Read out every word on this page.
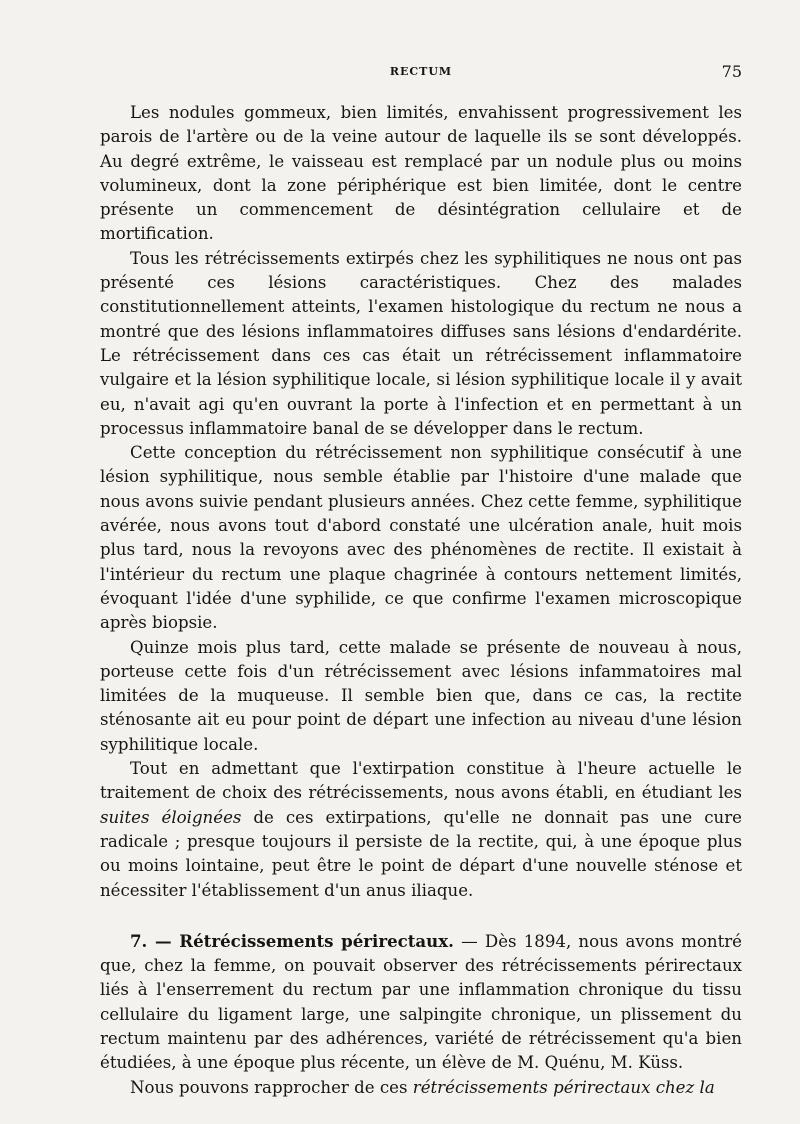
RECTUM	75

Les nodules gommeux, bien limités, envahissent progressivement les parois de l'artère ou de la veine autour de laquelle ils se sont développés. Au degré extrême, le vaisseau est remplacé par un nodule plus ou moins volumineux, dont la zone périphérique est bien limitée, dont le centre présente un commencement de désintégration cellulaire et de mortification.

Tous les rétrécissements extirpés chez les syphilitiques ne nous ont pas présenté ces lésions caractéristiques. Chez des malades constitutionnellement atteints, l'examen histologique du rectum ne nous a montré que des lésions inflammatoires diffuses sans lésions d'endardérite. Le rétrécissement dans ces cas était un rétrécissement inflammatoire vulgaire et la lésion syphilitique locale, si lésion syphilitique locale il y avait eu, n'avait agi qu'en ouvrant la porte à l'infection et en permettant à un processus inflammatoire banal de se développer dans le rectum.

Cette conception du rétrécissement non syphilitique consécutif à une lésion syphilitique, nous semble établie par l'histoire d'une malade que nous avons suivie pendant plusieurs années. Chez cette femme, syphilitique avérée, nous avons tout d'abord constaté une ulcération anale, huit mois plus tard, nous la revoyons avec des phénomènes de rectite. Il existait à l'intérieur du rectum une plaque chagrinée à contours nettement limités, évoquant l'idée d'une syphilide, ce que confirme l'examen microscopique après biopsie.

Quinze mois plus tard, cette malade se présente de nouveau à nous, porteuse cette fois d'un rétrécissement avec lésions infammatoires mal limitées de la muqueuse. Il semble bien que, dans ce cas, la rectite sténosante ait eu pour point de départ une infection au niveau d'une lésion syphilitique locale.

Tout en admettant que l'extirpation constitue à l'heure actuelle le traitement de choix des rétrécissements, nous avons établi, en étudiant les suites éloignées de ces extirpations, qu'elle ne donnait pas une cure radicale ; presque toujours il persiste de la rectite, qui, à une époque plus ou moins lointaine, peut être le point de départ d'une nouvelle sténose et nécessiter l'établissement d'un anus iliaque.

7. — Rétrécissements périrectaux. — Dès 1894, nous avons montré que, chez la femme, on pouvait observer des rétrécissements périrectaux liés à l'enserrement du rectum par une inflammation chronique du tissu cellulaire du ligament large, une salpingite chronique, un plissement du rectum maintenu par des adhérences, variété de rétrécissement qu'a bien étudiées, à une époque plus récente, un élève de M. Quénu, M. Küss.

Nous pouvons rapprocher de ces rétrécissements périrectaux chez la
